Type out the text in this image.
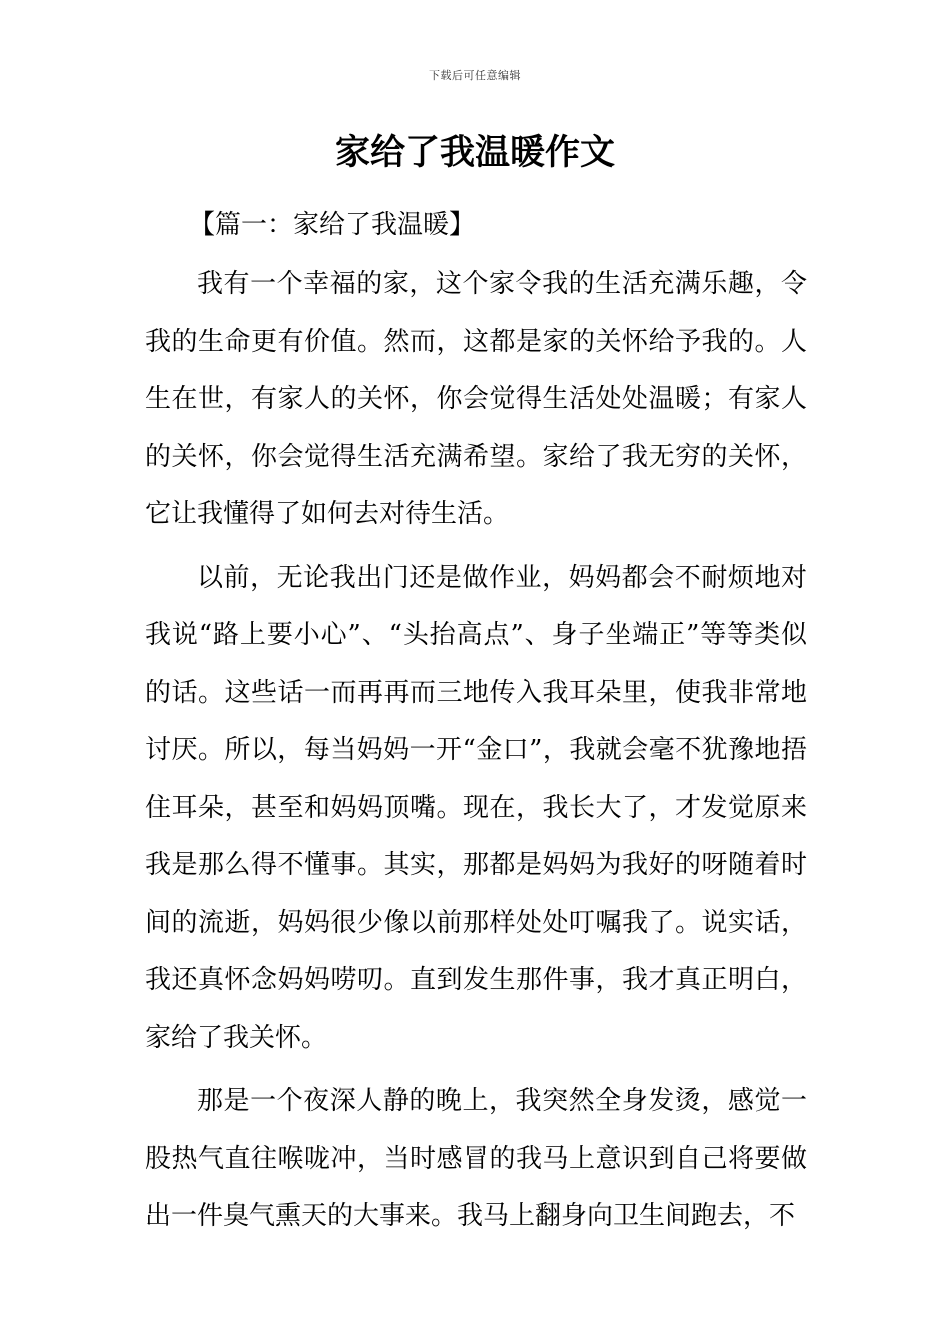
下载后可任意编辑
家给了我温暖作文

【篇一：家给了我温暖】

我有一个幸福的家，这个家令我的生活充满乐趣，令我的生命更有价值。然而，这都是家的关怀给予我的。人生在世，有家人的关怀，你会觉得生活处处温暖；有家人的关怀，你会觉得生活充满希望。家给了我无穷的关怀，它让我懂得了如何去对待生活。

以前，无论我出门还是做作业，妈妈都会不耐烦地对我说“路上要小心”、“头抬高点”、身子坐端正”等等类似的话。这些话一而再再而三地传入我耳朵里，使我非常地讨厌。所以，每当妈妈一开“金口”，我就会毫不犹豫地捂住耳朵，甚至和妈妈顶嘴。现在，我长大了，才发觉原来我是那么得不懂事。其实，那都是妈妈为我好的呀随着时间的流逝，妈妈很少像以前那样处处叮嘱我了。说实话，我还真怀念妈妈唠叨。直到发生那件事，我才真正明白，家给了我关怀。

那是一个夜深人静的晚上，我突然全身发烫，感觉一股热气直往喉咙冲，当时感冒的我马上意识到自己将要做出一件臭气熏天的大事来。我马上翻身向卫生间跑去，不
